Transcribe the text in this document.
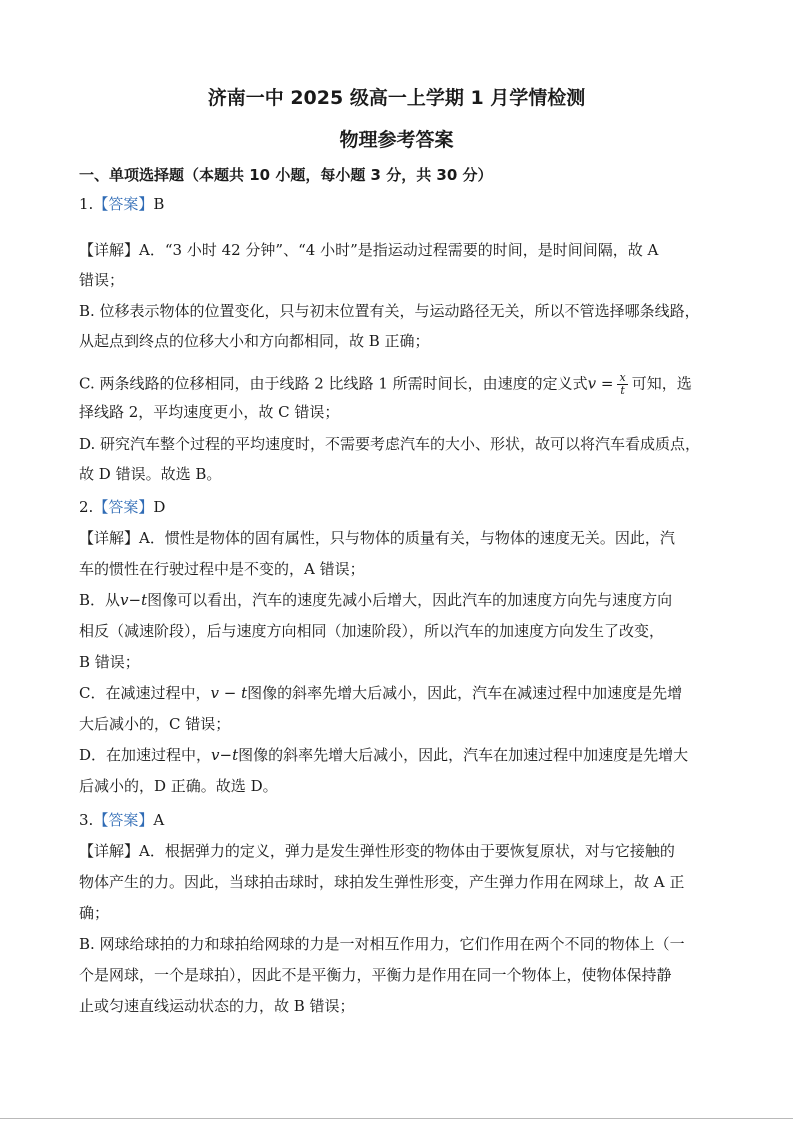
济南一中 2025 级高一上学期 1 月学情检测
物理参考答案
一、单项选择题（本题共 10 小题，每小题 3 分，共 30 分）
1.【答案】B
【详解】A．“3 小时 42 分钟”、“4 小时”是指运动过程需要的时间，是时间间隔，故 A
错误；
B. 位移表示物体的位置变化，只与初末位置有关，与运动路径无关，所以不管选择哪条线路，
从起点到终点的位移大小和方向都相同，故 B 正确；
C. 两条线路的位移相同，由于线路 2 比线路 1 所需时间长，由速度的定义式$v = \frac{x}{t}$ 可知，选
择线路 2，平均速度更小，故 C 错误；
D. 研究汽车整个过程的平均速度时，不需要考虑汽车的大小、形状，故可以将汽车看成质点，
故 D 错误。故选 B。
2.【答案】D
【详解】A．惯性是物体的固有属性，只与物体的质量有关，与物体的速度无关。因此，汽
车的惯性在行驶过程中是不变的，A 错误；
B．从v−t图像可以看出，汽车的速度先减小后增大，因此汽车的加速度方向先与速度方向
相反（减速阶段），后与速度方向相同（加速阶段），所以汽车的加速度方向发生了改变，
B 错误；
C．在减速过程中，v − t图像的斜率先增大后减小，因此，汽车在减速过程中加速度是先增
大后减小的，C 错误；
D．在加速过程中，v−t图像的斜率先增大后减小，因此，汽车在加速过程中加速度是先增大
后减小的，D 正确。故选 D。
3.【答案】A
【详解】A．根据弹力的定义，弹力是发生弹性形变的物体由于要恢复原状，对与它接触的
物体产生的力。因此，当球拍击球时，球拍发生弹性形变，产生弹力作用在网球上，故 A 正
确；
B. 网球给球拍的力和球拍给网球的力是一对相互作用力，它们作用在两个不同的物体上（一
个是网球，一个是球拍），因此不是平衡力，平衡力是作用在同一个物体上，使物体保持静
止或匀速直线运动状态的力，故 B 错误；
